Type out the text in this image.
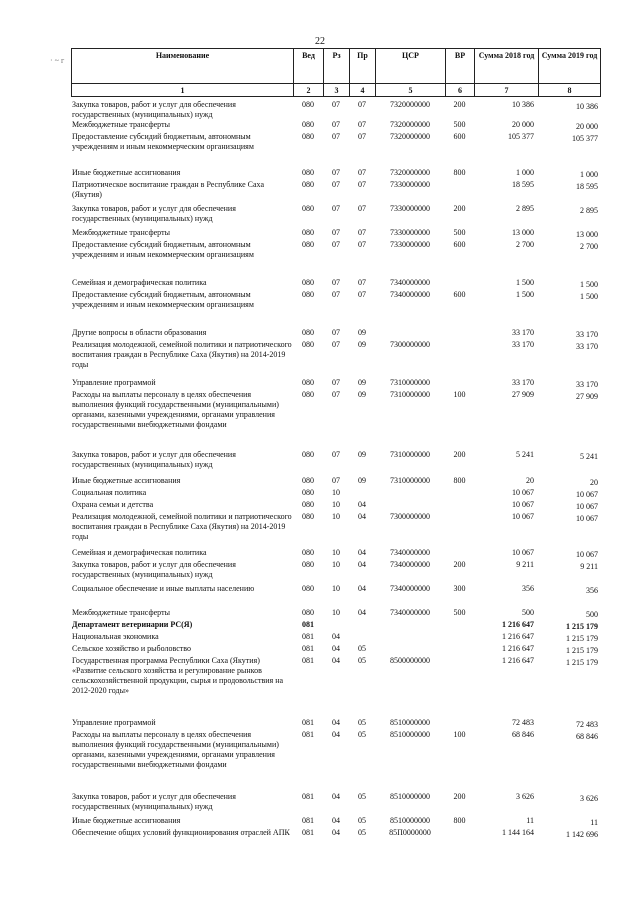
22
· ~ г
Наименование	Вед	Рз	Пр	ЦСР	ВР	Сумма 2018 год	Сумма 2019 год
1	2	3	4	5	6	7	8
Закупка товаров, работ и услуг для обеспечения государственных (муниципальных) нужд	080	07	07	7320000000	200	10 386	10 386
Межбюджетные трансферты	080	07	07	7320000000	500	20 000	20 000
Предоставление субсидий бюджетным, автономным учреждениям и иным некоммерческим организациям	080	07	07	7320000000	600	105 377	105 377
Иные бюджетные ассигнования	080	07	07	7320000000	800	1 000	1 000
Патриотическое воспитание граждан в Республике Саха (Якутия)	080	07	07	7330000000		18 595	18 595
Закупка товаров, работ и услуг для обеспечения государственных (муниципальных) нужд	080	07	07	7330000000	200	2 895	2 895
Межбюджетные трансферты	080	07	07	7330000000	500	13 000	13 000
Предоставление субсидий бюджетным, автономным учреждениям и иным некоммерческим организациям	080	07	07	7330000000	600	2 700	2 700
Семейная и демографическая политика	080	07	07	7340000000		1 500	1 500
Предоставление субсидий бюджетным, автономным учреждениям и иным некоммерческим организациям	080	07	07	7340000000	600	1 500	1 500
Другие вопросы в области образования	080	07	09			33 170	33 170
Реализация молодежной, семейной политики и патриотического воспитания граждан в Республике Саха (Якутия) на 2014-2019 годы	080	07	09	7300000000		33 170	33 170
Управление программой	080	07	09	7310000000		33 170	33 170
Расходы на выплаты персоналу в целях обеспечения выполнения функций государственными (муниципальными) органами, казенными учреждениями, органами управления государственными внебюджетными фондами	080	07	09	7310000000	100	27 909	27 909
Закупка товаров, работ и услуг для обеспечения государственных (муниципальных) нужд	080	07	09	7310000000	200	5 241	5 241
Иные бюджетные ассигнования	080	07	09	7310000000	800	20	20
Социальная политика	080	10				10 067	10 067
Охрана семьи и детства	080	10	04			10 067	10 067
Реализация молодежной, семейной политики и патриотического воспитания граждан в Республике Саха (Якутия) на 2014-2019 годы	080	10	04	7300000000		10 067	10 067
Семейная и демографическая политика	080	10	04	7340000000		10 067	10 067
Закупка товаров, работ и услуг для обеспечения государственных (муниципальных) нужд	080	10	04	7340000000	200	9 211	9 211
Социальное обеспечение и иные выплаты населению	080	10	04	7340000000	300	356	356
Межбюджетные трансферты	080	10	04	7340000000	500	500	500
Департамент ветеринарии РС(Я)	081					1 216 647	1 215 179
Национальная экономика	081	04				1 216 647	1 215 179
Сельское хозяйство и рыболовство	081	04	05			1 216 647	1 215 179
Государственная программа Республики Саха (Якутия) «Развитие сельского хозяйства и регулирование рынков сельскохозяйственной продукции, сырья и продовольствия на 2012-2020 годы»	081	04	05	8500000000		1 216 647	1 215 179
Управление программой	081	04	05	8510000000		72 483	72 483
Расходы на выплаты персоналу в целях обеспечения выполнения функций государственными (муниципальными) органами, казенными учреждениями, органами управления государственными внебюджетными фондами	081	04	05	8510000000	100	68 846	68 846
Закупка товаров, работ и услуг для обеспечения государственных (муниципальных) нужд	081	04	05	8510000000	200	3 626	3 626
Иные бюджетные ассигнования	081	04	05	8510000000	800	11	11
Обеспечение общих условий функционирования отраслей АПК	081	04	05	85П0000000		1 144 164	1 142 696
